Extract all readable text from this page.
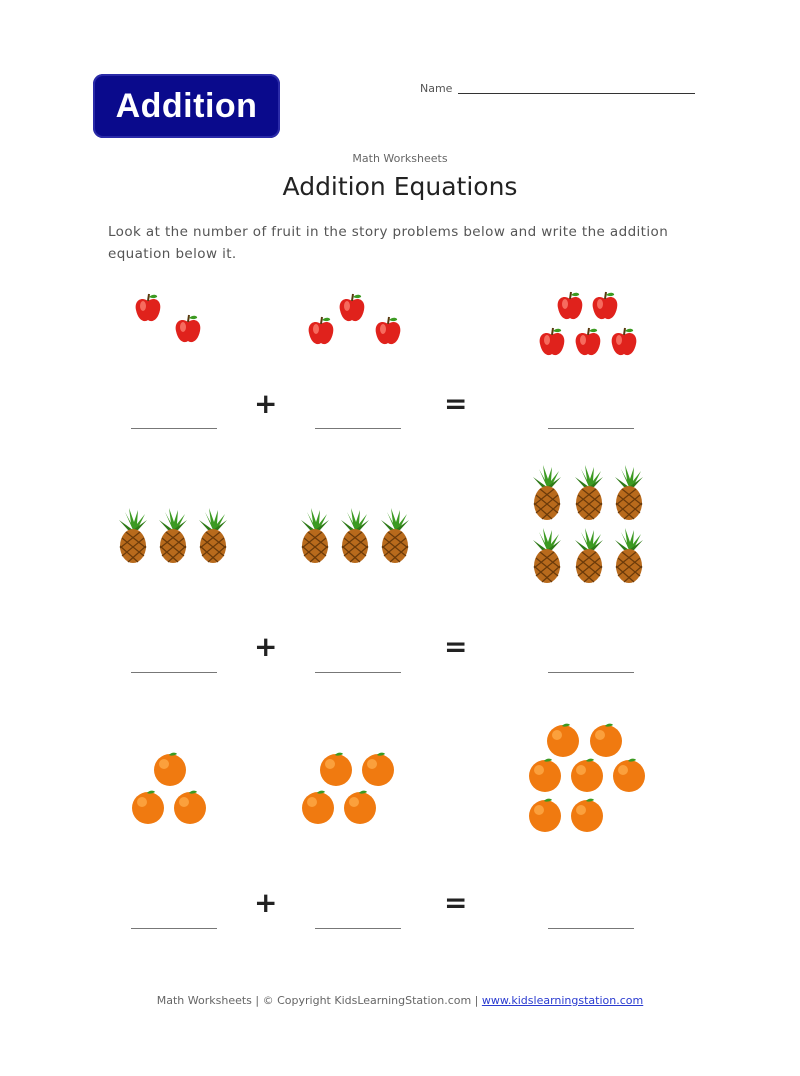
Addition	Name
Math Worksheets
Addition Equations
Look at the number of fruit in the story problems below and write the addition equation below it.
+	=
+	=
+	=
Math Worksheets | © Copyright KidsLearningStation.com | www.kidslearningstation.com
